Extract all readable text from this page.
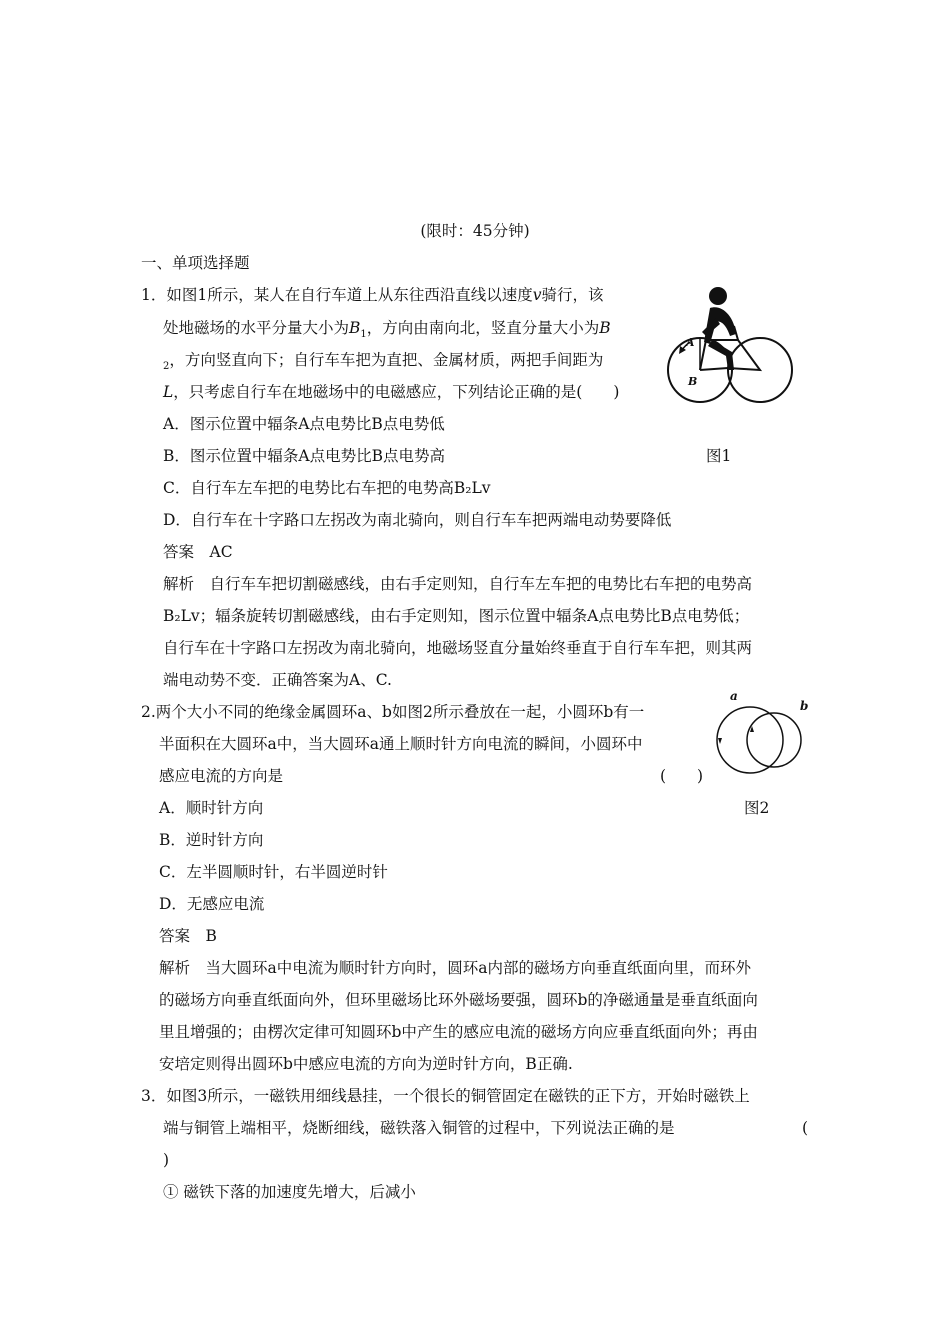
(限时：45分钟)
一、单项选择题
1．如图1所示，某人在自行车道上从东往西沿直线以速度v骑行，该
处地磁场的水平分量大小为$B_1$，方向由南向北，竖直分量大小为B
$_2$，方向竖直向下；自行车车把为直把、金属材质，两把手间距为
L，只考虑自行车在地磁场中的电磁感应，下列结论正确的是(　　)
A．图示位置中辐条A点电势比B点电势低
B．图示位置中辐条A点电势比B点电势高	图1
C．自行车左车把的电势比右车把的电势高B₂Lv
D．自行车在十字路口左拐改为南北骑向，则自行车车把两端电动势要降低
答案　AC
解析　自行车车把切割磁感线，由右手定则知，自行车左车把的电势比右车把的电势高
B₂Lv；辐条旋转切割磁感线，由右手定则知，图示位置中辐条A点电势比B点电势低；
自行车在十字路口左拐改为南北骑向，地磁场竖直分量始终垂直于自行车车把，则其两
端电动势不变．正确答案为A、C.
A
B
2.两个大小不同的绝缘金属圆环a、b如图2所示叠放在一起，小圆环b有一
半面积在大圆环a中，当大圆环a通上顺时针方向电流的瞬间，小圆环中
感应电流的方向是	(　　)
A．顺时针方向	图2
B．逆时针方向
C．左半圆顺时针，右半圆逆时针
D．无感应电流
答案　B
解析　当大圆环a中电流为顺时针方向时，圆环a内部的磁场方向垂直纸面向里，而环外
的磁场方向垂直纸面向外，但环里磁场比环外磁场要强，圆环b的净磁通量是垂直纸面向
里且增强的；由楞次定律可知圆环b中产生的感应电流的磁场方向应垂直纸面向外；再由
安培定则得出圆环b中感应电流的方向为逆时针方向，B正确.
a
b
3．如图3所示，一磁铁用细线悬挂，一个很长的铜管固定在磁铁的正下方，开始时磁铁上
端与铜管上端相平，烧断细线，磁铁落入铜管的过程中，下列说法正确的是	(
)
① 磁铁下落的加速度先增大，后减小
